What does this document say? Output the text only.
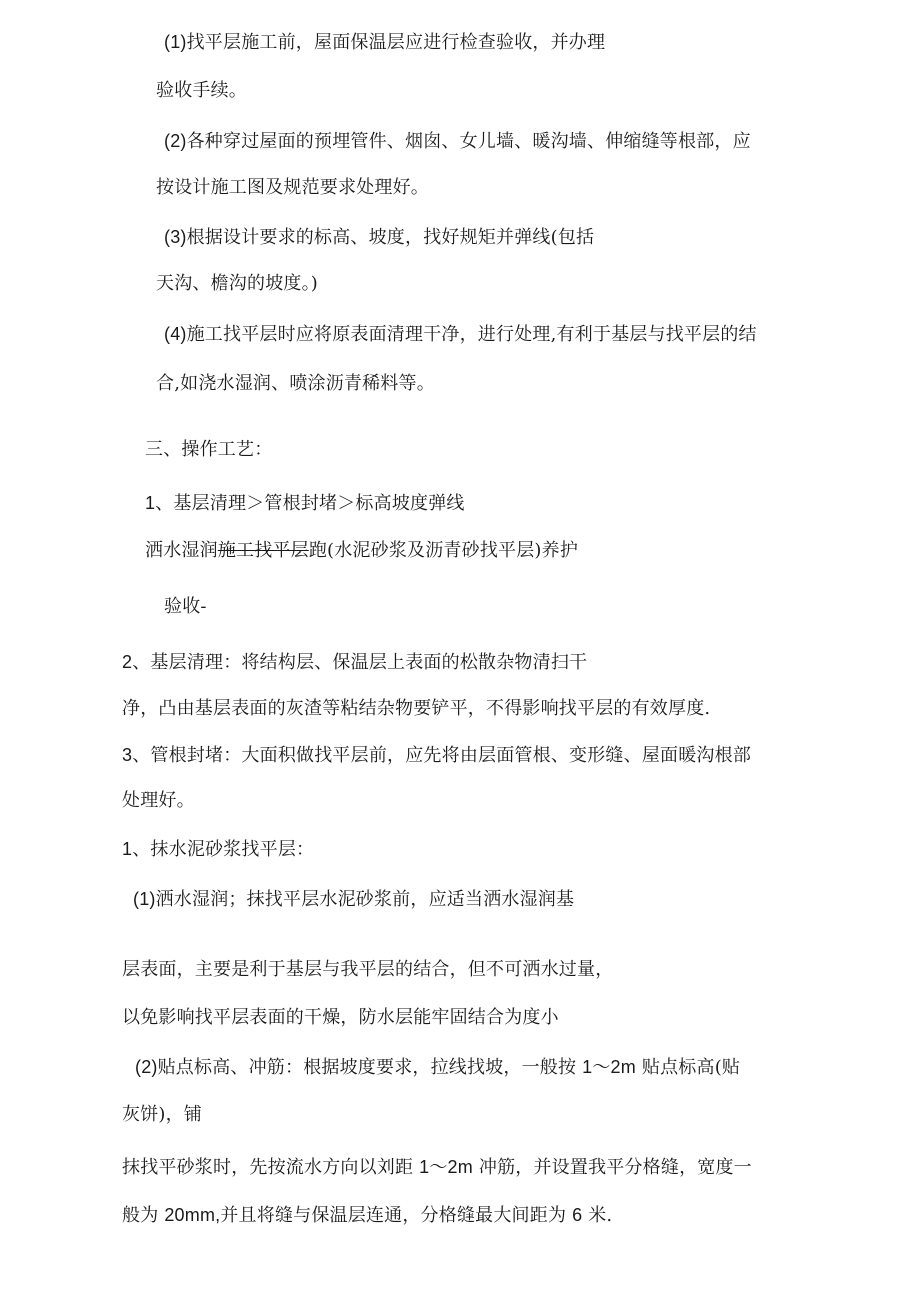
(1)找平层施工前，屋面保温层应进行检查验收，并办理
验收手续。
(2)各种穿过屋面的预埋管件、烟囱、女儿墙、暖沟墙、伸缩缝等根部，应
按设计施工图及规范要求处理好。
(3)根据设计要求的标高、坡度，找好规矩并弹线(包括
天沟、檐沟的坡度。)
(4)施工找平层时应将原表面清理干净，进行处理,有利于基层与找平层的结
合,如浇水湿润、喷涂沥青稀料等。
三、操作工艺：
1、基层清理＞管根封堵＞标高坡度弹线
洒水湿润施工找平层跑(水泥砂浆及沥青砂找平层)养护
验收-
2、基层清理：将结构层、保温层上表面的松散杂物清扫干
净，凸由基层表面的灰渣等粘结杂物要铲平，不得影响找平层的有效厚度.
3、管根封堵：大面积做找平层前，应先将由层面管根、变形缝、屋面暖沟根部
处理好。
1、抹水泥砂浆找平层：
(1)洒水湿润；抹找平层水泥砂浆前，应适当洒水湿润基
层表面，主要是利于基层与我平层的结合，但不可洒水过量，
以免影响找平层表面的干燥，防水层能牢固结合为度小
(2)贴点标高、冲筋：根据坡度要求，拉线找坡，一般按 1～2m 贴点标高(贴
灰饼)，铺
抹找平砂浆时，先按流水方向以刘距 1～2m 冲筋，并设置我平分格缝，宽度一
般为 20mm,并且将缝与保温层连通，分格缝最大间距为 6 米.
